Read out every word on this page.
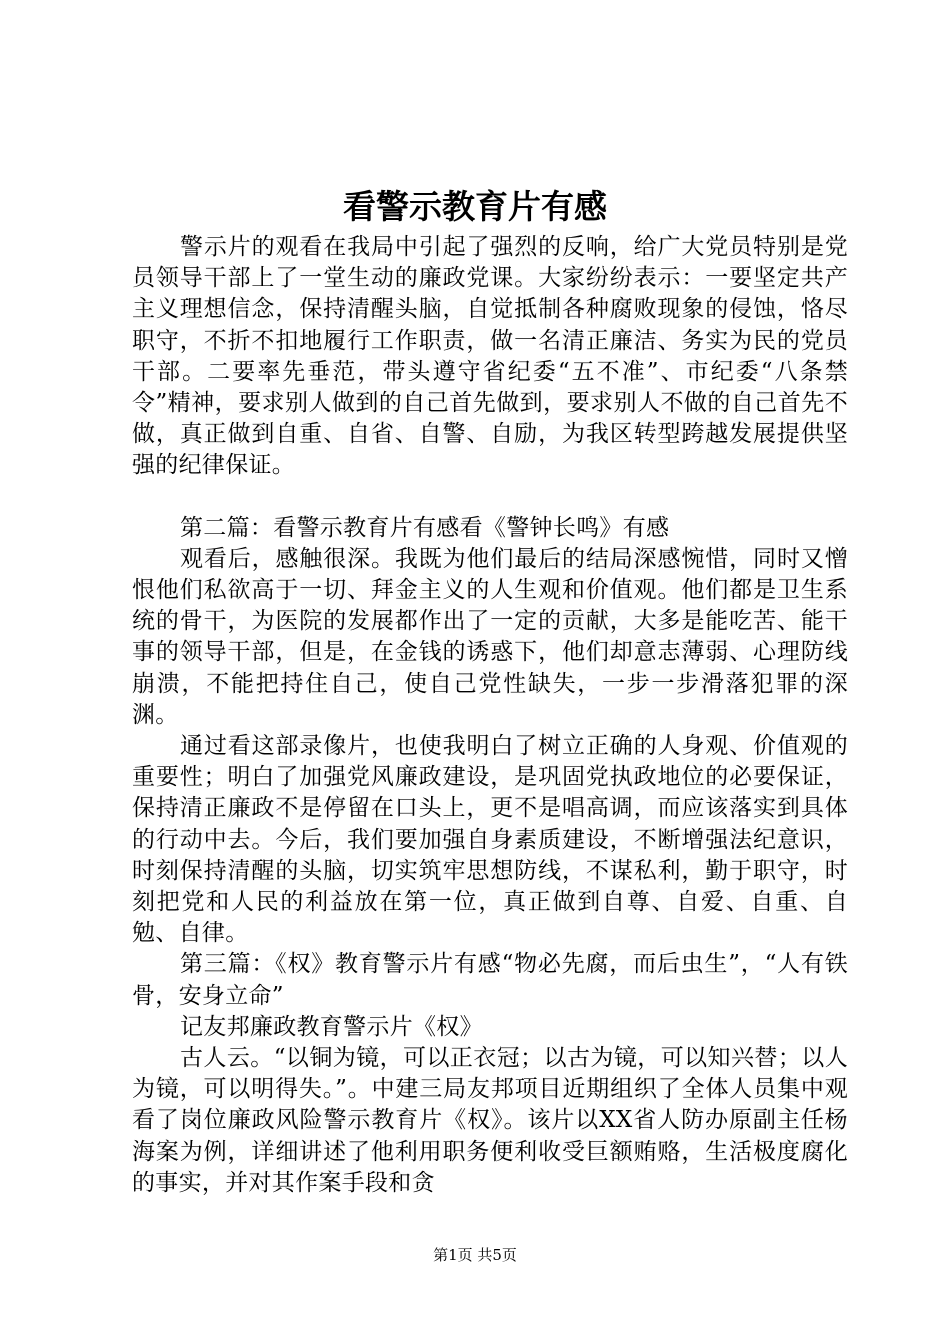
看警示教育片有感

警示片的观看在我局中引起了强烈的反响，给广大党员特别是党员领导干部上了一堂生动的廉政党课。大家纷纷表示：一要坚定共产主义理想信念，保持清醒头脑，自觉抵制各种腐败现象的侵蚀，恪尽职守，不折不扣地履行工作职责，做一名清正廉洁、务实为民的党员干部。二要率先垂范，带头遵守省纪委“五不准”、市纪委“八条禁令”精神，要求别人做到的自己首先做到，要求别人不做的自己首先不做，真正做到自重、自省、自警、自励，为我区转型跨越发展提供坚强的纪律保证。

第二篇：看警示教育片有感看《警钟长鸣》有感

观看后，感触很深。我既为他们最后的结局深感惋惜，同时又憎恨他们私欲高于一切、拜金主义的人生观和价值观。他们都是卫生系统的骨干，为医院的发展都作出了一定的贡献，大多是能吃苦、能干事的领导干部，但是，在金钱的诱惑下，他们却意志薄弱、心理防线崩溃，不能把持住自己，使自己党性缺失，一步一步滑落犯罪的深渊。

通过看这部录像片，也使我明白了树立正确的人身观、价值观的重要性；明白了加强党风廉政建设，是巩固党执政地位的必要保证，保持清正廉政不是停留在口头上，更不是唱高调，而应该落实到具体的行动中去。今后，我们要加强自身素质建设，不断增强法纪意识，时刻保持清醒的头脑，切实筑牢思想防线，不谋私利，勤于职守，时刻把党和人民的利益放在第一位，真正做到自尊、自爱、自重、自勉、自律。

第三篇：《权》教育警示片有感“物必先腐，而后虫生”，“人有铁骨，安身立命”

记友邦廉政教育警示片《权》

古人云。“以铜为镜，可以正衣冠；以古为镜，可以知兴替；以人为镜，可以明得失。”。中建三局友邦项目近期组织了全体人员集中观看了岗位廉政风险警示教育片《权》。该片以XX省人防办原副主任杨海案为例，详细讲述了他利用职务便利收受巨额贿赂，生活极度腐化的事实，并对其作案手段和贪

第1页 共5页
